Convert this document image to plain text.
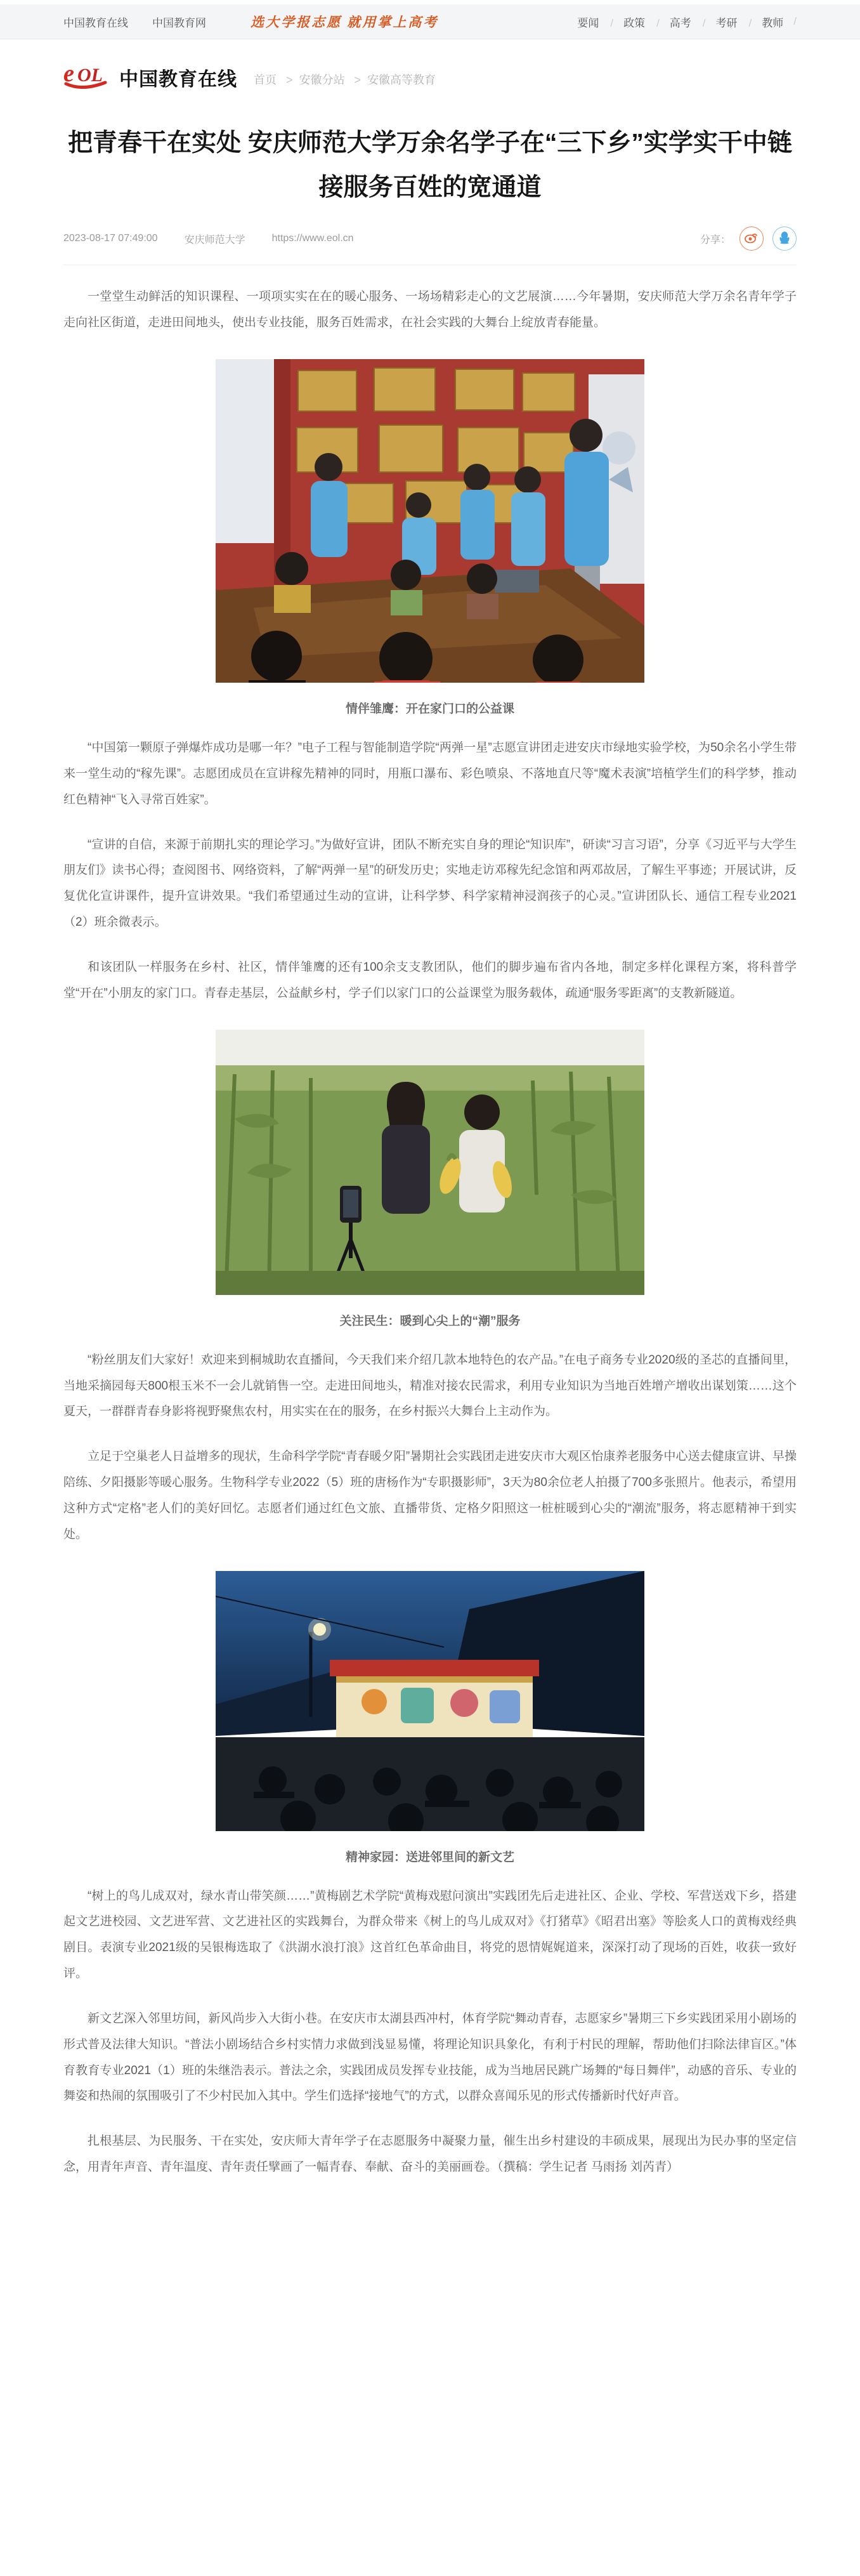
中国教育在线 中国教育网	选大学报志愿 就用掌上高考	要闻	/ 政策	/ 高考	/ 考研	/ 教师
/
e OL 中国教育在线 首页 > 安徽分站 > 安徽高等教育
把青春干在实处 安庆师范大学万余名学子在“三下乡”实学实干中链接服务百姓的宽通道
2023-08-17 07:49:00	安庆师范大学	https://www.eol.cn	分享：

一堂堂生动鲜活的知识课程、一项项实实在在的暖心服务、一场场精彩走心的文艺展演……今年暑期，安庆师范大学万余名青年学子走向社区街道，走进田间地头，使出专业技能，服务百姓需求，在社会实践的大舞台上绽放青春能量。

情伴雏鹰：开在家门口的公益课

“中国第一颗原子弹爆炸成功是哪一年？”电子工程与智能制造学院“两弹一星”志愿宣讲团走进安庆市绿地实验学校，为50余名小学生带来一堂生动的“稼先课”。志愿团成员在宣讲稼先精神的同时，用瓶口瀑布、彩色喷泉、不落地直尺等“魔术表演”培植学生们的科学梦，推动红色精神“飞入寻常百姓家”。

“宣讲的自信，来源于前期扎实的理论学习。”为做好宣讲，团队不断充实自身的理论“知识库”，研读“习言习语”，分享《习近平与大学生朋友们》读书心得；查阅图书、网络资料，了解“两弹一星”的研发历史；实地走访邓稼先纪念馆和两邓故居，了解生平事迹；开展试讲，反复优化宣讲课件，提升宣讲效果。“我们希望通过生动的宣讲，让科学梦、科学家精神浸润孩子的心灵。”宣讲团队长、通信工程专业2021（2）班余微表示。

和该团队一样服务在乡村、社区，情伴雏鹰的还有100余支支教团队，他们的脚步遍布省内各地，制定多样化课程方案，将科普学堂“开在”小朋友的家门口。青春走基层，公益献乡村，学子们以家门口的公益课堂为服务载体，疏通“服务零距离”的支教新隧道。

关注民生：暖到心尖上的“潮”服务

“粉丝朋友们大家好！欢迎来到桐城助农直播间，今天我们来介绍几款本地特色的农产品。”在电子商务专业2020级的圣芯的直播间里，当地采摘园每天800根玉米不一会儿就销售一空。走进田间地头，精准对接农民需求，利用专业知识为当地百姓增产增收出谋划策……这个夏天，一群群青春身影将视野聚焦农村，用实实在在的服务，在乡村振兴大舞台上主动作为。

立足于空巢老人日益增多的现状，生命科学学院“青春暖夕阳”暑期社会实践团走进安庆市大观区怡康养老服务中心送去健康宣讲、早操陪练、夕阳摄影等暖心服务。生物科学专业2022（5）班的唐杨作为“专职摄影师”，3天为80余位老人拍摄了700多张照片。他表示，希望用这种方式“定格”老人们的美好回忆。志愿者们通过红色文旅、直播带货、定格夕阳照这一桩桩暖到心尖的“潮流”服务，将志愿精神干到实处。

精神家园：送进邻里间的新文艺

“树上的鸟儿成双对，绿水青山带笑颜……”黄梅剧艺术学院“黄梅戏慰问演出”实践团先后走进社区、企业、学校、军营送戏下乡，搭建起文艺进校园、文艺进军营、文艺进社区的实践舞台，为群众带来《树上的鸟儿成双对》《打猪草》《昭君出塞》等脍炙人口的黄梅戏经典剧目。表演专业2021级的吴银梅选取了《洪湖水浪打浪》这首红色革命曲目，将党的恩情娓娓道来，深深打动了现场的百姓，收获一致好评。

新文艺深入邻里坊间，新风尚步入大街小巷。在安庆市太湖县西冲村，体育学院“舞动青春，志愿家乡”暑期三下乡实践团采用小剧场的形式普及法律大知识。“普法小剧场结合乡村实情力求做到浅显易懂，将理论知识具象化，有利于村民的理解，帮助他们扫除法律盲区。”体育教育专业2021（1）班的朱继浩表示。普法之余，实践团成员发挥专业技能，成为当地居民跳广场舞的“每日舞伴”，动感的音乐、专业的舞姿和热闹的氛围吸引了不少村民加入其中。学生们选择“接地气”的方式，以群众喜闻乐见的形式传播新时代好声音。

扎根基层、为民服务、干在实处，安庆师大青年学子在志愿服务中凝聚力量，催生出乡村建设的丰硕成果，展现出为民办事的坚定信念，用青年声音、青年温度、青年责任擘画了一幅青春、奉献、奋斗的美丽画卷。（撰稿：学生记者 马雨扬 刘芮青）
